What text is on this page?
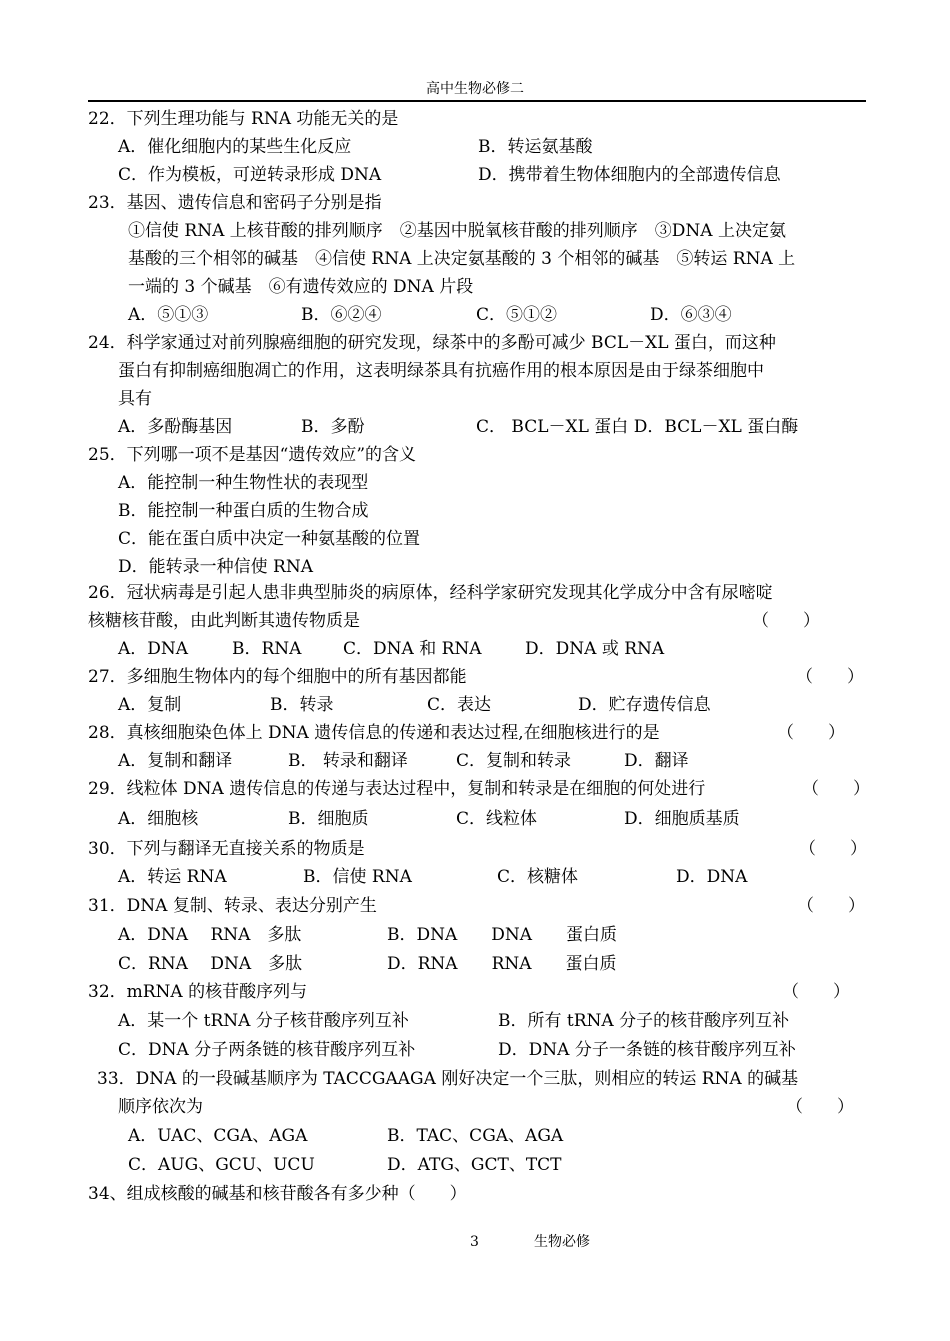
高中生物必修二
22．下列生理功能与 RNA 功能无关的是
A．催化细胞内的某些生化反应	B．转运氨基酸
C．作为模板，可逆转录形成 DNA	D．携带着生物体细胞内的全部遗传信息
23．基因、遗传信息和密码子分别是指
①信使 RNA 上核苷酸的排列顺序　②基因中脱氧核苷酸的排列顺序　③DNA 上决定氨
基酸的三个相邻的碱基　④信使 RNA 上决定氨基酸的 3 个相邻的碱基　⑤转运 RNA 上
一端的 3 个碱基　⑥有遗传效应的 DNA 片段
A．⑤①③	B．⑥②④	C．⑤①②	D．⑥③④
24．科学家通过对前列腺癌细胞的研究发现，绿茶中的多酚可减少 BCL－XL 蛋白，而这种
蛋白有抑制癌细胞凋亡的作用，这表明绿茶具有抗癌作用的根本原因是由于绿茶细胞中
具有
A．多酚酶基因	B．多酚	C． BCL－XL 蛋白 D．BCL－XL 蛋白酶
25．下列哪一项不是基因“遗传效应”的含义
A．能控制一种生物性状的表现型
B．能控制一种蛋白质的生物合成
C．能在蛋白质中决定一种氨基酸的位置
D．能转录一种信使 RNA
26．冠状病毒是引起人患非典型肺炎的病原体，经科学家研究发现其化学成分中含有尿嘧啶
核糖核苷酸，由此判断其遗传物质是	（　　）
A．DNA	B．RNA C．DNA 和 RNA	D．DNA 或 RNA
27．多细胞生物体内的每个细胞中的所有基因都能	（　　）
A．复制	B．转录	C．表达	D．贮存遗传信息
28．真核细胞染色体上 DNA 遗传信息的传递和表达过程,在细胞核进行的是	（　　）
A．复制和翻译	B． 转录和翻译	C．复制和转录	D．翻译
29．线粒体 DNA 遗传信息的传递与表达过程中，复制和转录是在细胞的何处进行	（　　）
A．细胞核	B．细胞质	C．线粒体	D．细胞质基质
30．下列与翻译无直接关系的物质是	（　　）
A．转运 RNA	B．信使 RNA	C．核糖体	D．DNA
31．DNA 复制、转录、表达分别产生	（　　）
A．DNA　 RNA　多肽	B．DNA　　DNA　　蛋白质
C．RNA　 DNA　多肽	D．RNA　　RNA　　蛋白质
32．mRNA 的核苷酸序列与	（　　）
A．某一个 tRNA 分子核苷酸序列互补	B．所有 tRNA 分子的核苷酸序列互补
C．DNA 分子两条链的核苷酸序列互补	D．DNA 分子一条链的核苷酸序列互补
33．DNA 的一段碱基顺序为 TACCGAAGA 刚好决定一个三肽，则相应的转运 RNA 的碱基
顺序依次为	（　　）
A．UAC、CGA、AGA	B．TAC、CGA、AGA
C．AUG、GCU、UCU	D．ATG、GCT、TCT
34、组成核酸的碱基和核苷酸各有多少种（　　）
3	生物必修
